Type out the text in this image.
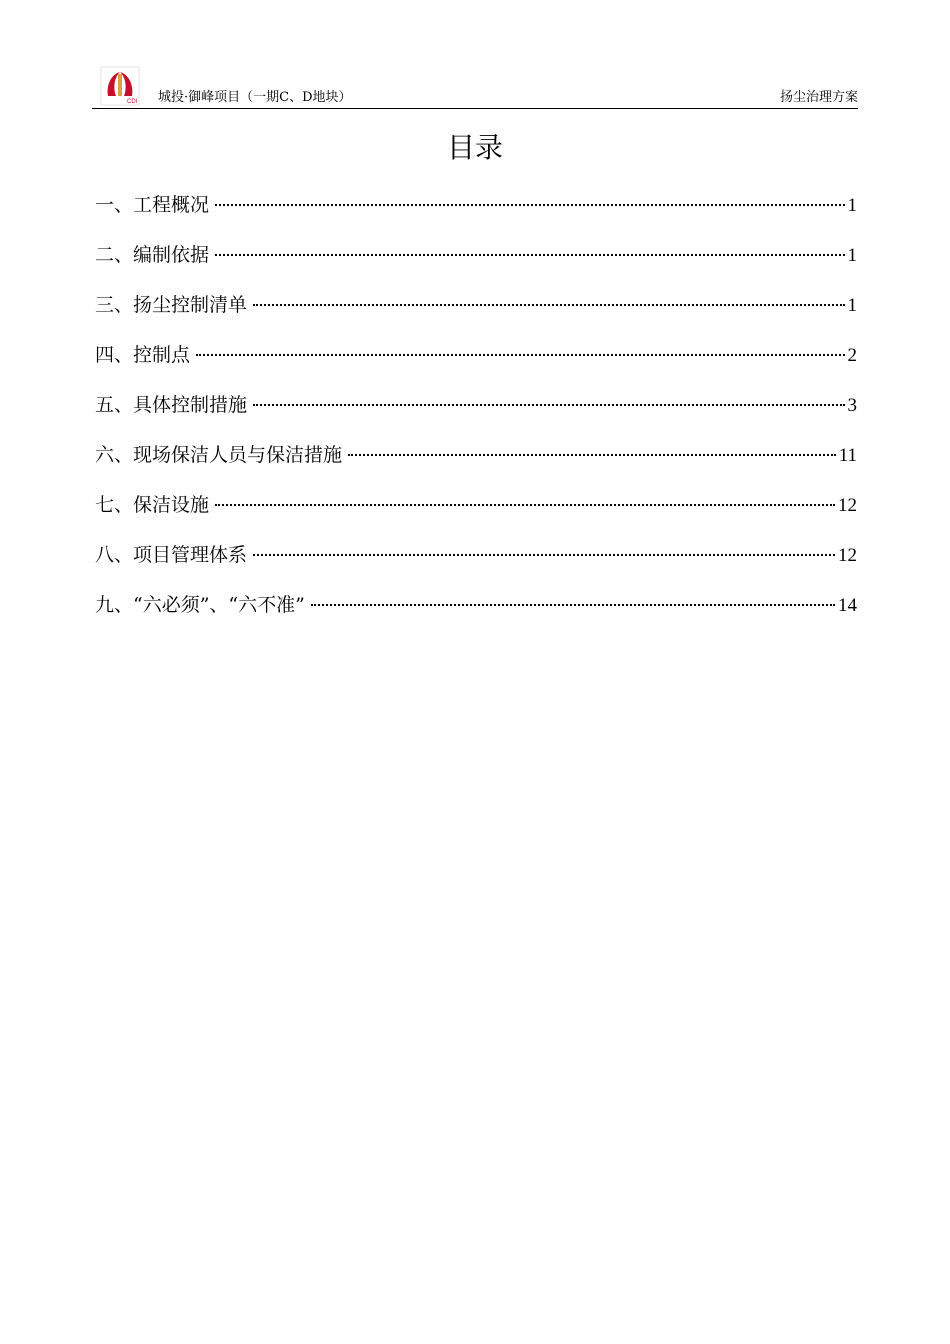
CDI 城投·御峰项目（一期C、D地块）	扬尘治理方案
目录
一、工程概况	1
二、编制依据	1
三、扬尘控制清单	1
四、控制点	2
五、具体控制措施	3
六、现场保洁人员与保洁措施	11
七、保洁设施	12
八、项目管理体系	12
九、“六必须”、“六不准”	14
